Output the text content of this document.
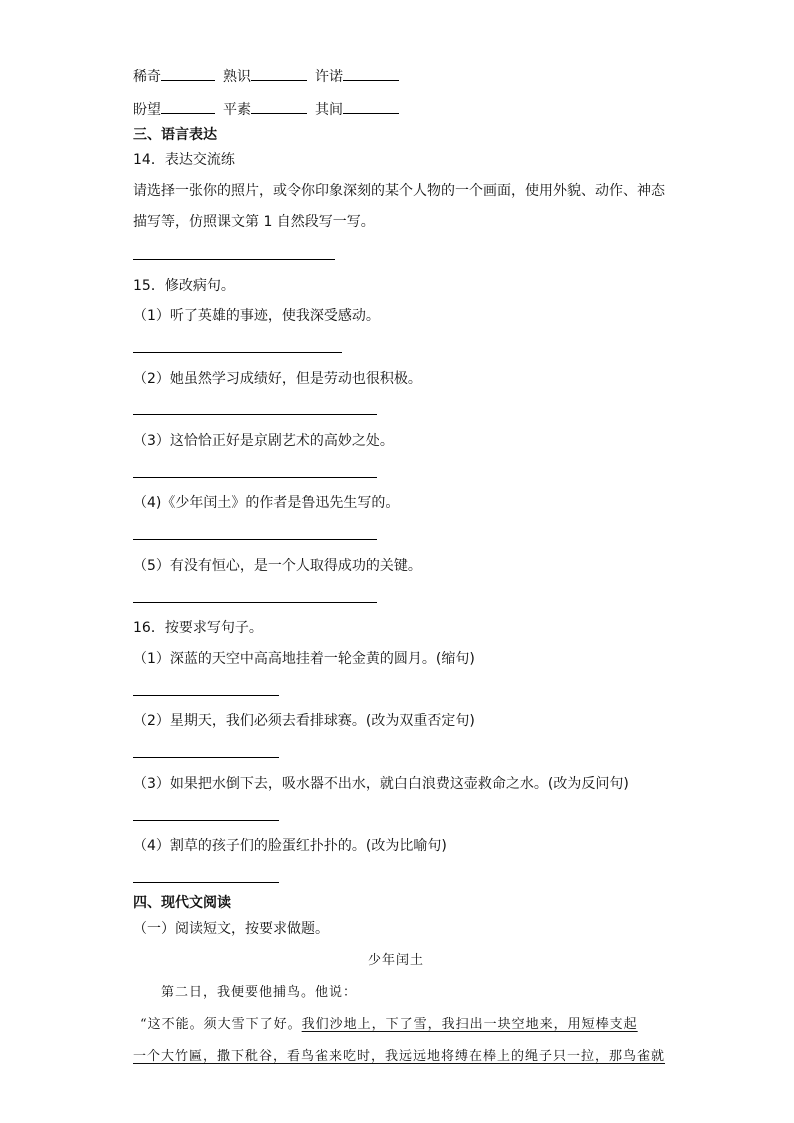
稀奇	熟识	许诺
盼望	平素	其间
三、语言表达
14．表达交流练
请选择一张你的照片，或令你印象深刻的某个人物的一个画面，使用外貌、动作、神态
描写等，仿照课文第 1 自然段写一写。
15．修改病句。
（1）听了英雄的事迹，使我深受感动。
（2）她虽然学习成绩好，但是劳动也很积极。
（3）这恰恰正好是京剧艺术的高妙之处。
（4)《少年闰土》的作者是鲁迅先生写的。
（5）有没有恒心，是一个人取得成功的关键。
16．按要求写句子。
（1）深蓝的天空中高高地挂着一轮金黄的圆月。(缩句)
（2）星期天，我们必须去看排球赛。(改为双重否定句)
（3）如果把水倒下去，吸水器不出水，就白白浪费这壶救命之水。(改为反问句)
（4）割草的孩子们的脸蛋红扑扑的。(改为比喻句)
四、现代文阅读
（一）阅读短文，按要求做题。
少年闰土
第二日，我便要他捕鸟。他说：
“这不能。须大雪下了好。我们沙地上，下了雪，我扫出一块空地来，用短棒支起
一个大竹匾，撒下秕谷，看鸟雀来吃时，我远远地将缚在棒上的绳子只一拉，那鸟雀就
